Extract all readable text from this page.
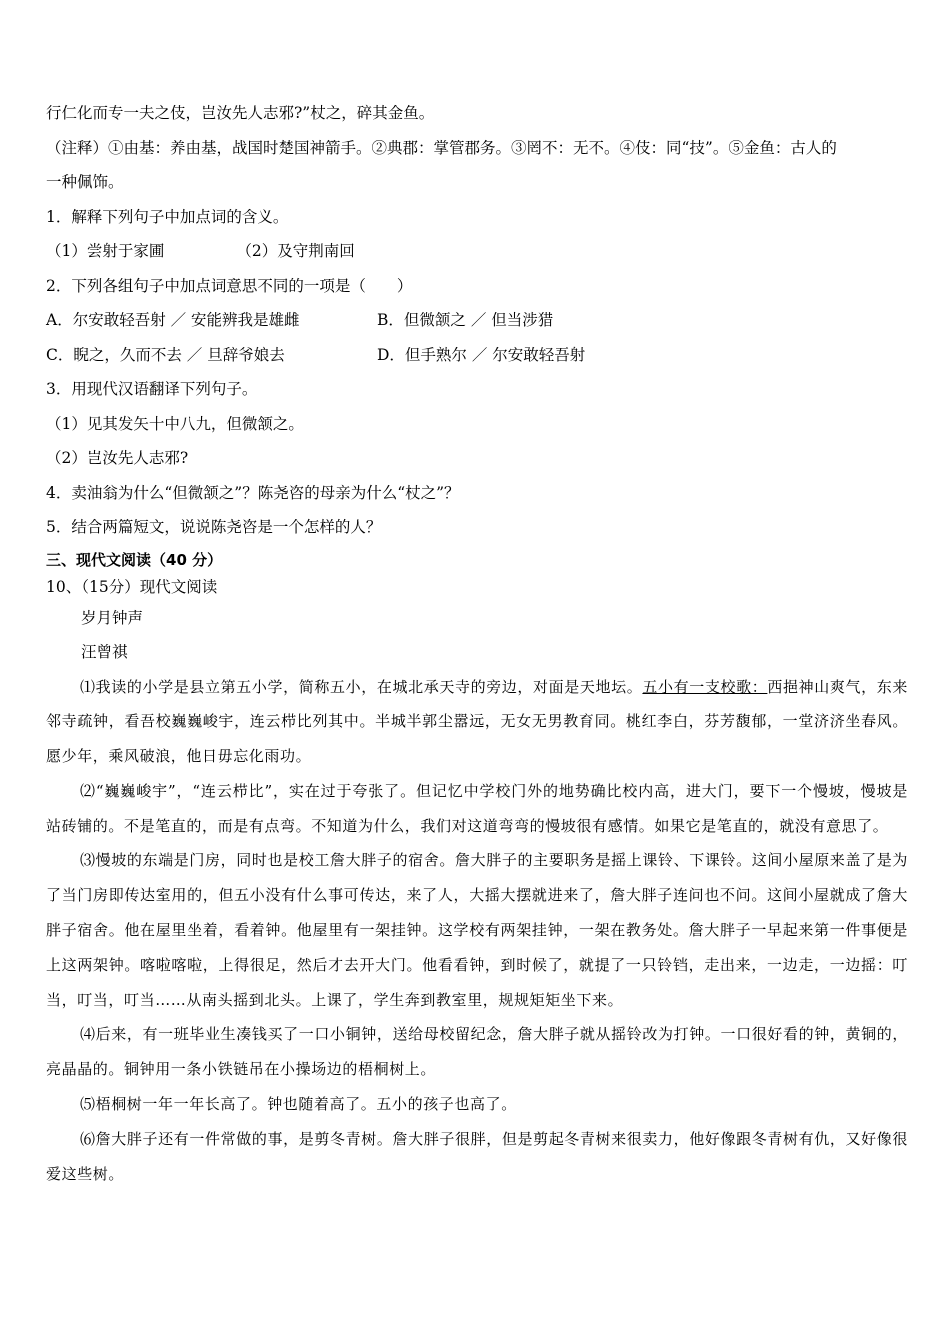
行仁化而专一夫之伎，岂汝先人志邪?”杖之，碎其金鱼。
（注释）①由基：养由基，战国时楚国神箭手。②典郡：掌管郡务。③罔不：无不。④伎：同“技”。⑤金鱼：古人的
一种佩饰。
1．解释下列句子中加点词的含义。
（1）尝射于家圃	（2）及守荆南回
2．下列各组句子中加点词意思不同的一项是（　　）
A．尔安敢轻吾射 ／ 安能辨我是雄雌	B．但微颔之 ／ 但当涉猎
C．睨之，久而不去 ／ 旦辞爷娘去	D．但手熟尔 ／ 尔安敢轻吾射
3．用现代汉语翻译下列句子。
（1）见其发矢十中八九，但微颔之。
（2）岂汝先人志邪?
4．卖油翁为什么“但微颔之”？陈尧咨的母亲为什么“杖之”？
5．结合两篇短文，说说陈尧咨是一个怎样的人？
三、现代文阅读（40 分）
10、（15分）现代文阅读
岁月钟声
汪曾祺
⑴我读的小学是县立第五小学，简称五小，在城北承天寺的旁边，对面是天地坛。五小有一支校歌：西挹神山爽气，东来邻寺疏钟，看吾校巍巍峻宇，连云栉比列其中。半城半郭尘嚣远，无女无男教育同。桃红李白，芬芳馥郁，一堂济济坐春风。愿少年，乘风破浪，他日毋忘化雨功。
⑵“巍巍峻宇”，“连云栉比”，实在过于夸张了。但记忆中学校门外的地势确比校内高，进大门，要下一个慢坡，慢坡是站砖铺的。不是笔直的，而是有点弯。不知道为什么，我们对这道弯弯的慢坡很有感情。如果它是笔直的，就没有意思了。
⑶慢坡的东端是门房，同时也是校工詹大胖子的宿舍。詹大胖子的主要职务是摇上课铃、下课铃。这间小屋原来盖了是为了当门房即传达室用的，但五小没有什么事可传达，来了人，大摇大摆就进来了，詹大胖子连问也不问。这间小屋就成了詹大胖子宿舍。他在屋里坐着，看着钟。他屋里有一架挂钟。这学校有两架挂钟，一架在教务处。詹大胖子一早起来第一件事便是上这两架钟。喀啦喀啦，上得很足，然后才去开大门。他看看钟，到时候了，就提了一只铃铛，走出来，一边走，一边摇：叮当，叮当，叮当……从南头摇到北头。上课了，学生奔到教室里，规规矩矩坐下来。
⑷后来，有一班毕业生凑钱买了一口小铜钟，送给母校留纪念，詹大胖子就从摇铃改为打钟。一口很好看的钟，黄铜的，亮晶晶的。铜钟用一条小铁链吊在小操场边的梧桐树上。
⑸梧桐树一年一年长高了。钟也随着高了。五小的孩子也高了。
⑹詹大胖子还有一件常做的事，是剪冬青树。詹大胖子很胖，但是剪起冬青树来很卖力，他好像跟冬青树有仇，又好像很爱这些树。
